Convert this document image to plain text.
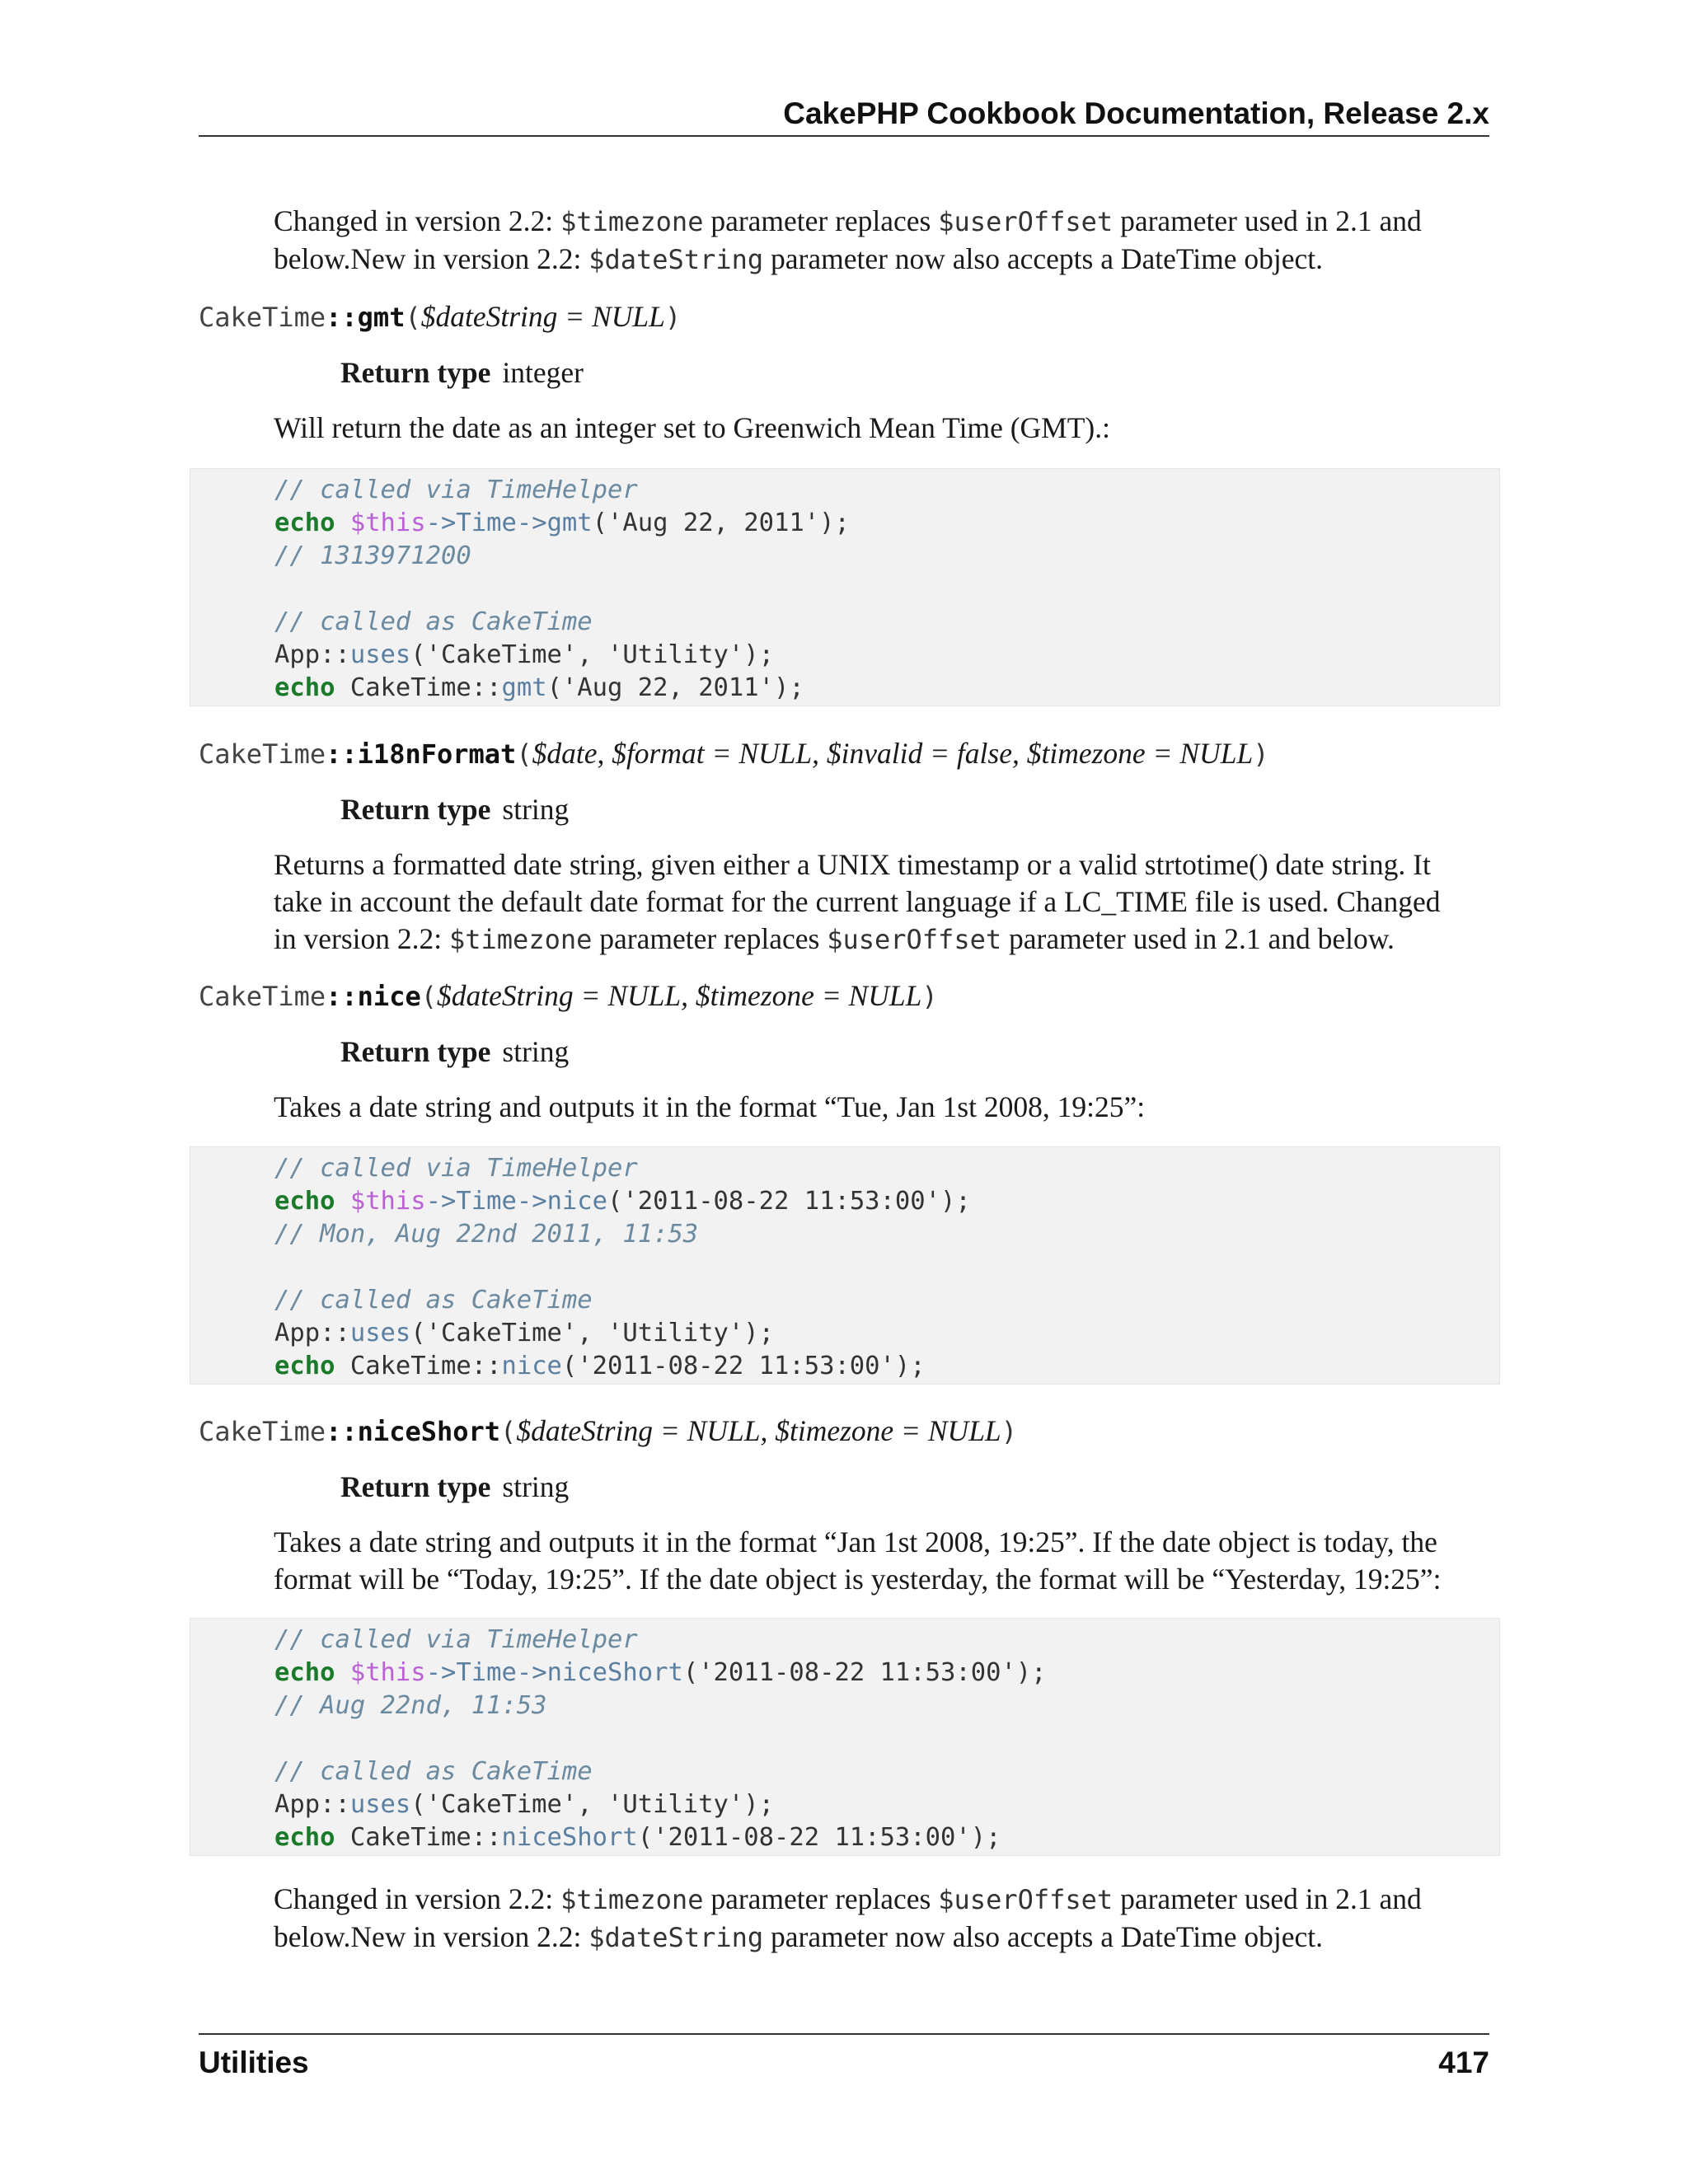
CakePHP Cookbook Documentation, Release 2.x
Changed in version 2.2: $timezone parameter replaces $userOffset parameter used in 2.1 and
below.New in version 2.2: $dateString parameter now also accepts a DateTime object.
CakeTime::gmt($dateString = NULL)
Return type integer
Will return the date as an integer set to Greenwich Mean Time (GMT).:
// called via TimeHelper
echo $this->Time->gmt('Aug 22, 2011');
// 1313971200

// called as CakeTime
App::uses('CakeTime', 'Utility');
echo CakeTime::gmt('Aug 22, 2011');
CakeTime::i18nFormat($date, $format = NULL, $invalid = false, $timezone = NULL)
Return type string
Returns a formatted date string, given either a UNIX timestamp or a valid strtotime() date string. It
take in account the default date format for the current language if a LC_TIME file is used. Changed
in version 2.2: $timezone parameter replaces $userOffset parameter used in 2.1 and below.
CakeTime::nice($dateString = NULL, $timezone = NULL)
Return type string
Takes a date string and outputs it in the format “Tue, Jan 1st 2008, 19:25”:
// called via TimeHelper
echo $this->Time->nice('2011-08-22 11:53:00');
// Mon, Aug 22nd 2011, 11:53

// called as CakeTime
App::uses('CakeTime', 'Utility');
echo CakeTime::nice('2011-08-22 11:53:00');
CakeTime::niceShort($dateString = NULL, $timezone = NULL)
Return type string
Takes a date string and outputs it in the format “Jan 1st 2008, 19:25”. If the date object is today, the
format will be “Today, 19:25”. If the date object is yesterday, the format will be “Yesterday, 19:25”:
// called via TimeHelper
echo $this->Time->niceShort('2011-08-22 11:53:00');
// Aug 22nd, 11:53

// called as CakeTime
App::uses('CakeTime', 'Utility');
echo CakeTime::niceShort('2011-08-22 11:53:00');
Changed in version 2.2: $timezone parameter replaces $userOffset parameter used in 2.1 and
below.New in version 2.2: $dateString parameter now also accepts a DateTime object.
Utilities	417
